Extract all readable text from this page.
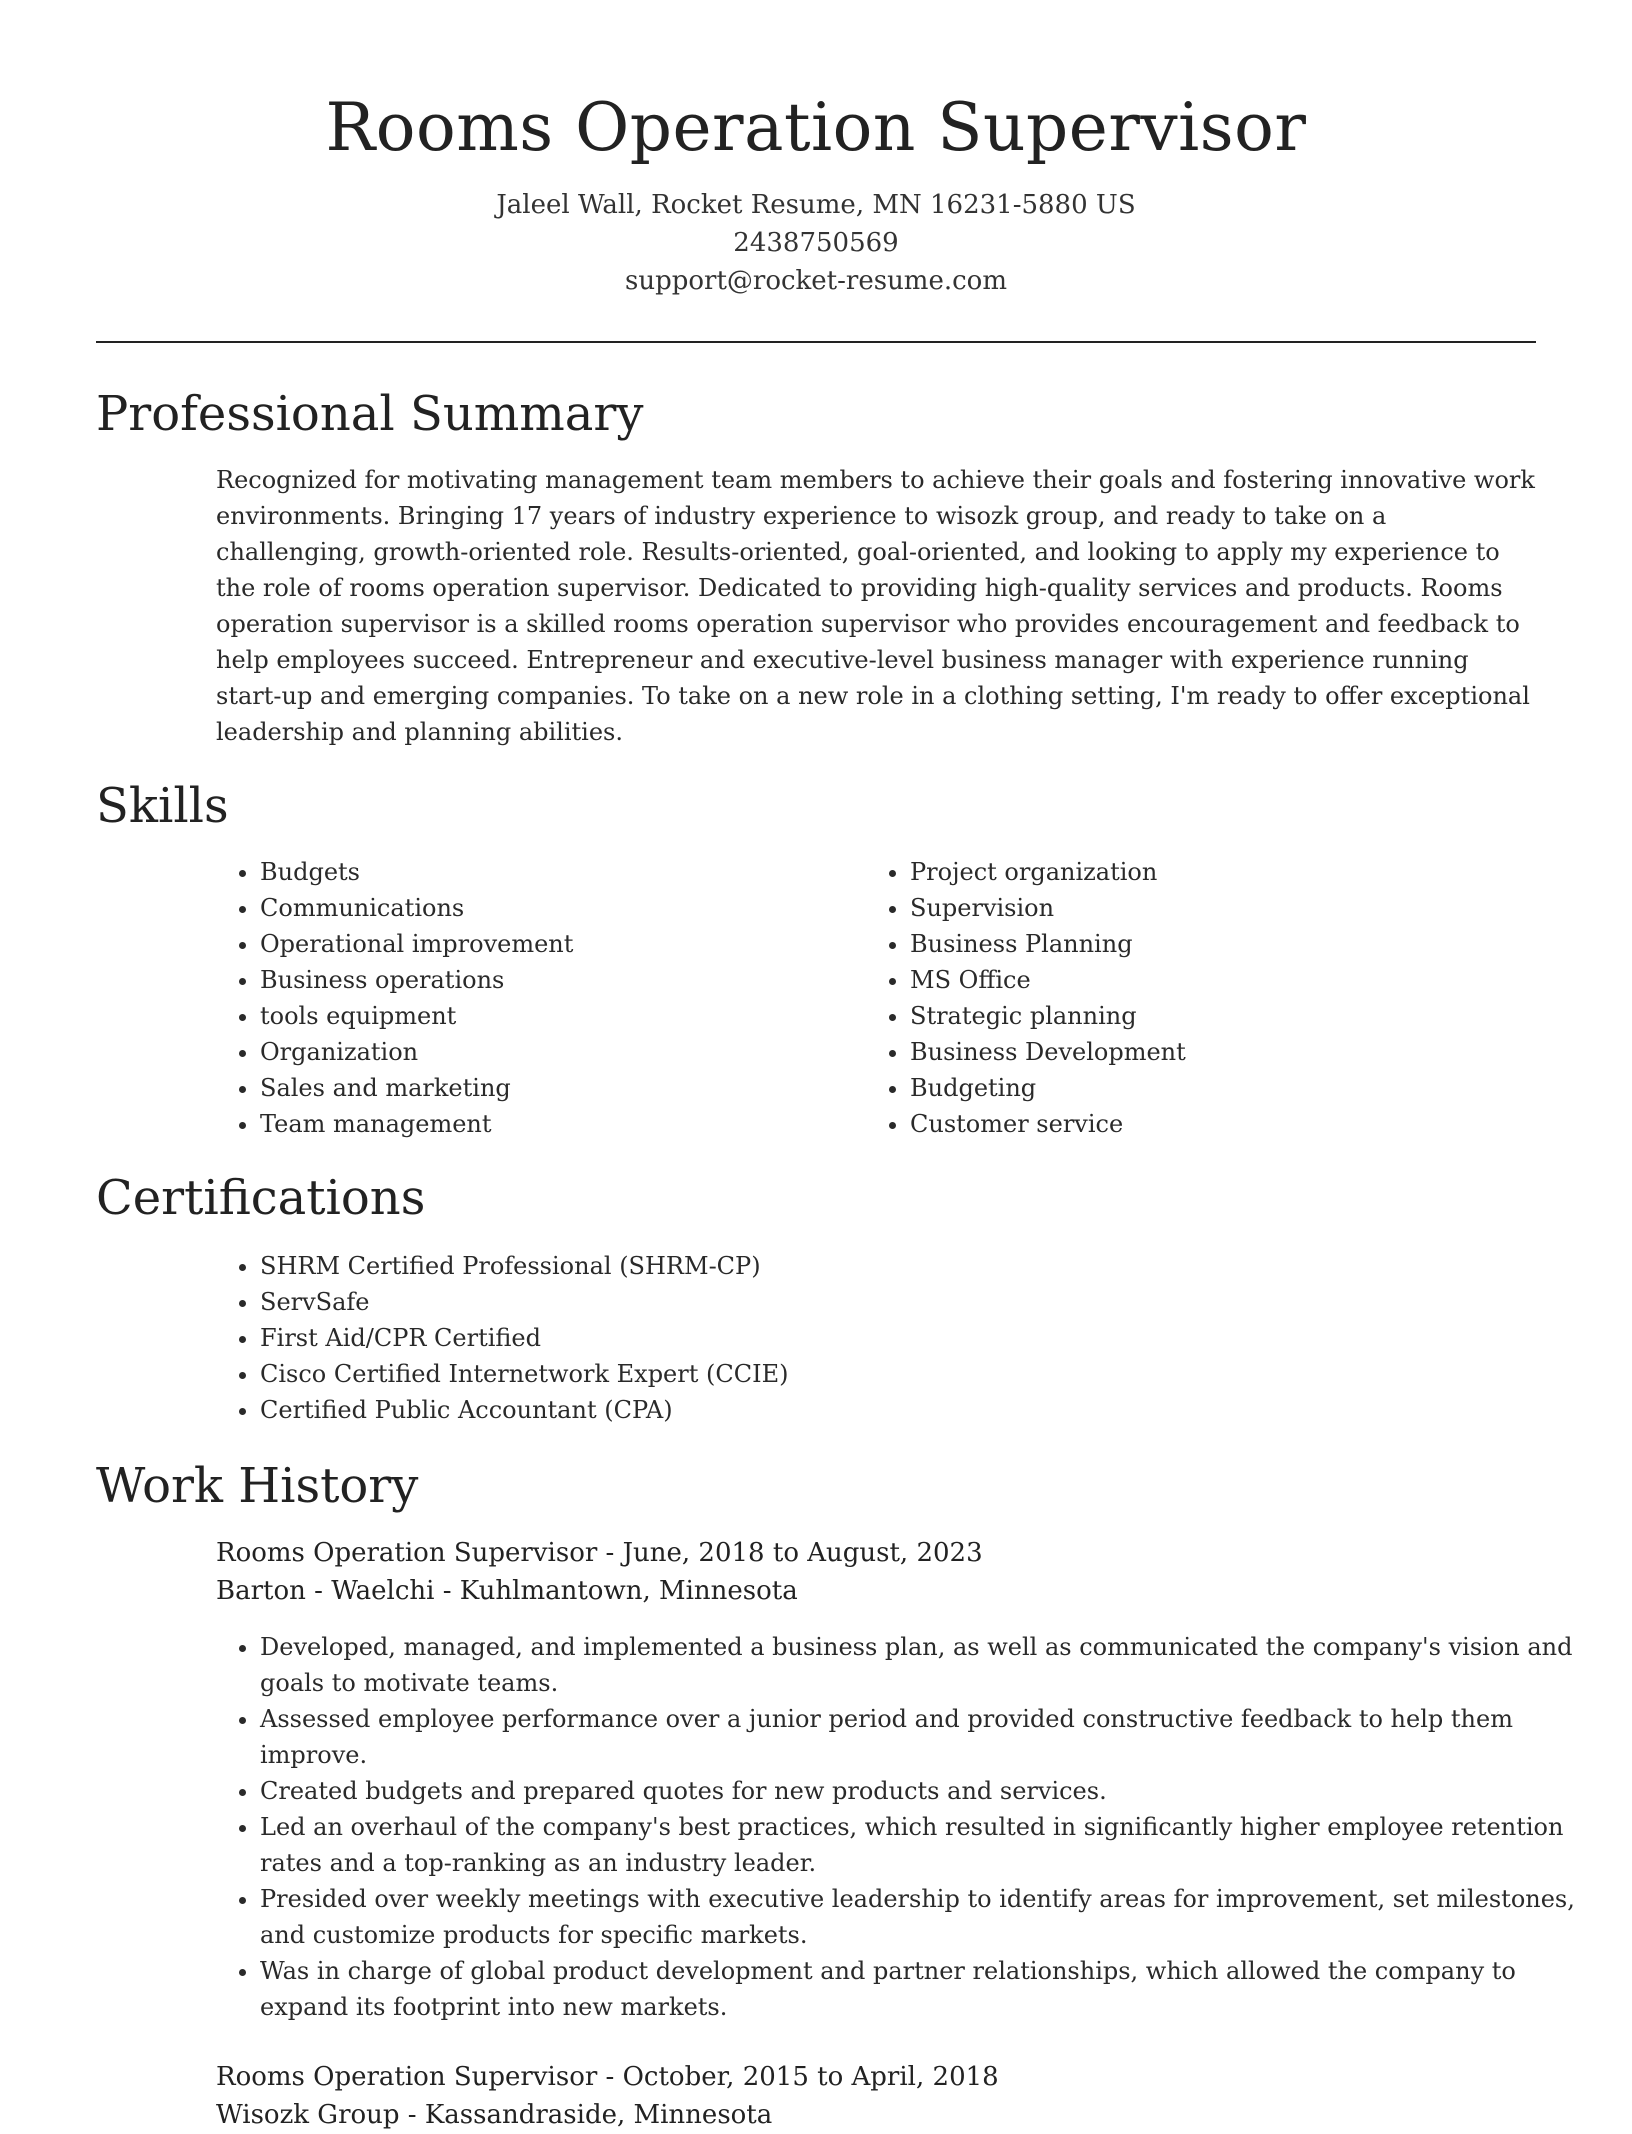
Rooms Operation Supervisor

Jaleel Wall, Rocket Resume, MN 16231-5880 US

2438750569

support@rocket-resume.com

Professional Summary

Recognized for motivating management team members to achieve their goals and fostering innovative work environments. Bringing 17 years of industry experience to wisozk group, and ready to take on a challenging, growth-oriented role. Results-oriented, goal-oriented, and looking to apply my experience to the role of rooms operation supervisor. Dedicated to providing high-quality services and products. Rooms operation supervisor is a skilled rooms operation supervisor who provides encouragement and feedback to help employees succeed. Entrepreneur and executive-level business manager with experience running start-up and emerging companies. To take on a new role in a clothing setting, I'm ready to offer exceptional leadership and planning abilities.

Skills
• Budgets
• Communications
• Operational improvement
• Business operations
• tools equipment
• Organization
• Sales and marketing
• Team management
• Project organization
• Supervision
• Business Planning
• MS Office
• Strategic planning
• Business Development
• Budgeting
• Customer service
Certifications
• SHRM Certified Professional (SHRM-CP)
• ServSafe
• First Aid/CPR Certified
• Cisco Certified Internetwork Expert (CCIE)
• Certified Public Accountant (CPA)
Work History

Rooms Operation Supervisor - June, 2018 to August, 2023

Barton - Waelchi - Kuhlmantown, Minnesota

• Developed, managed, and implemented a business plan, as well as communicated the company's vision and goals to motivate teams.
• Assessed employee performance over a junior period and provided constructive feedback to help them improve.
• Created budgets and prepared quotes for new products and services.
• Led an overhaul of the company's best practices, which resulted in significantly higher employee retention rates and a top-ranking as an industry leader.
• Presided over weekly meetings with executive leadership to identify areas for improvement, set milestones, and customize products for specific markets.
• Was in charge of global product development and partner relationships, which allowed the company to expand its footprint into new markets.

Rooms Operation Supervisor - October, 2015 to April, 2018

Wisozk Group - Kassandraside, Minnesota
